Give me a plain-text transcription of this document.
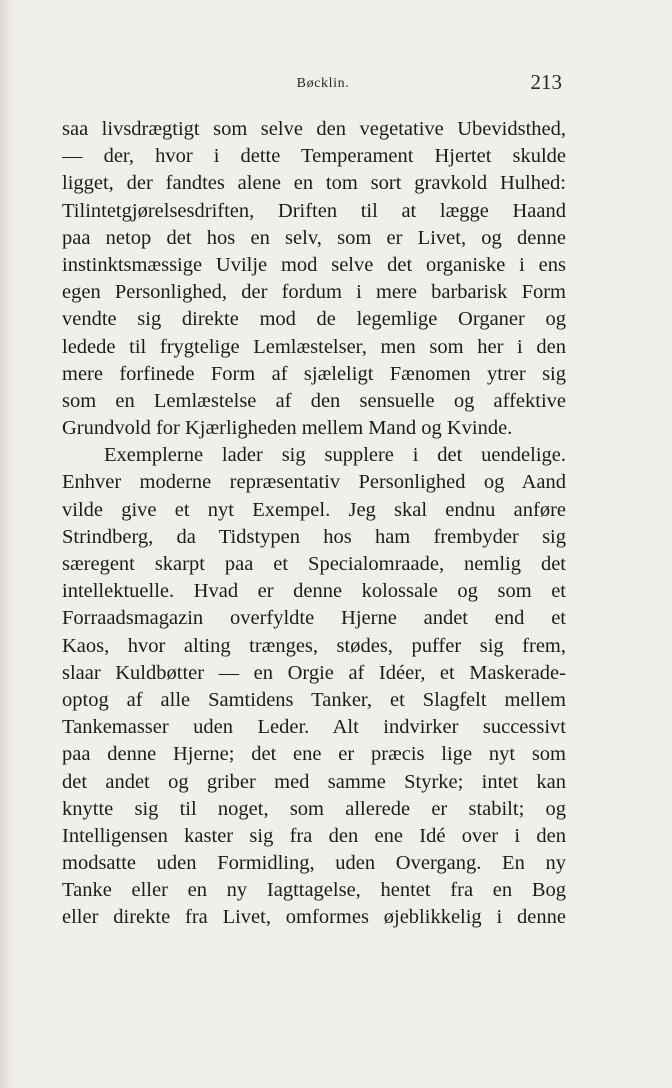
Bøcklin.	213
saa livsdrægtigt som selve den vegetative Ubevidsthed,
— der, hvor i dette Temperament Hjertet skulde
ligget, der fandtes alene en tom sort gravkold Hulhed:
Tilintetgjørelsesdriften, Driften til at lægge Haand
paa netop det hos en selv, som er Livet, og denne
instinktsmæssige Uvilje mod selve det organiske i ens
egen Personlighed, der fordum i mere barbarisk Form
vendte sig direkte mod de legemlige Organer og
ledede til frygtelige Lemlæstelser, men som her i den
mere forfinede Form af sjæleligt Fænomen ytrer sig
som en Lemlæstelse af den sensuelle og affektive
Grundvold for Kjærligheden mellem Mand og Kvinde.
Exemplerne lader sig supplere i det uendelige.
Enhver moderne repræsentativ Personlighed og Aand
vilde give et nyt Exempel. Jeg skal endnu anføre
Strindberg, da Tidstypen hos ham frembyder sig
særegent skarpt paa et Specialomraade, nemlig det
intellektuelle. Hvad er denne kolossale og som et
Forraadsmagazin overfyldte Hjerne andet end et
Kaos, hvor alting trænges, stødes, puffer sig frem,
slaar Kuldbøtter — en Orgie af Idéer, et Maskerade-
optog af alle Samtidens Tanker, et Slagfelt mellem
Tankemasser uden Leder. Alt indvirker successivt
paa denne Hjerne; det ene er præcis lige nyt som
det andet og griber med samme Styrke; intet kan
knytte sig til noget, som allerede er stabilt; og
Intelligensen kaster sig fra den ene Idé over i den
modsatte uden Formidling, uden Overgang. En ny
Tanke eller en ny Iagttagelse, hentet fra en Bog
eller direkte fra Livet, omformes øjeblikkelig i denne
